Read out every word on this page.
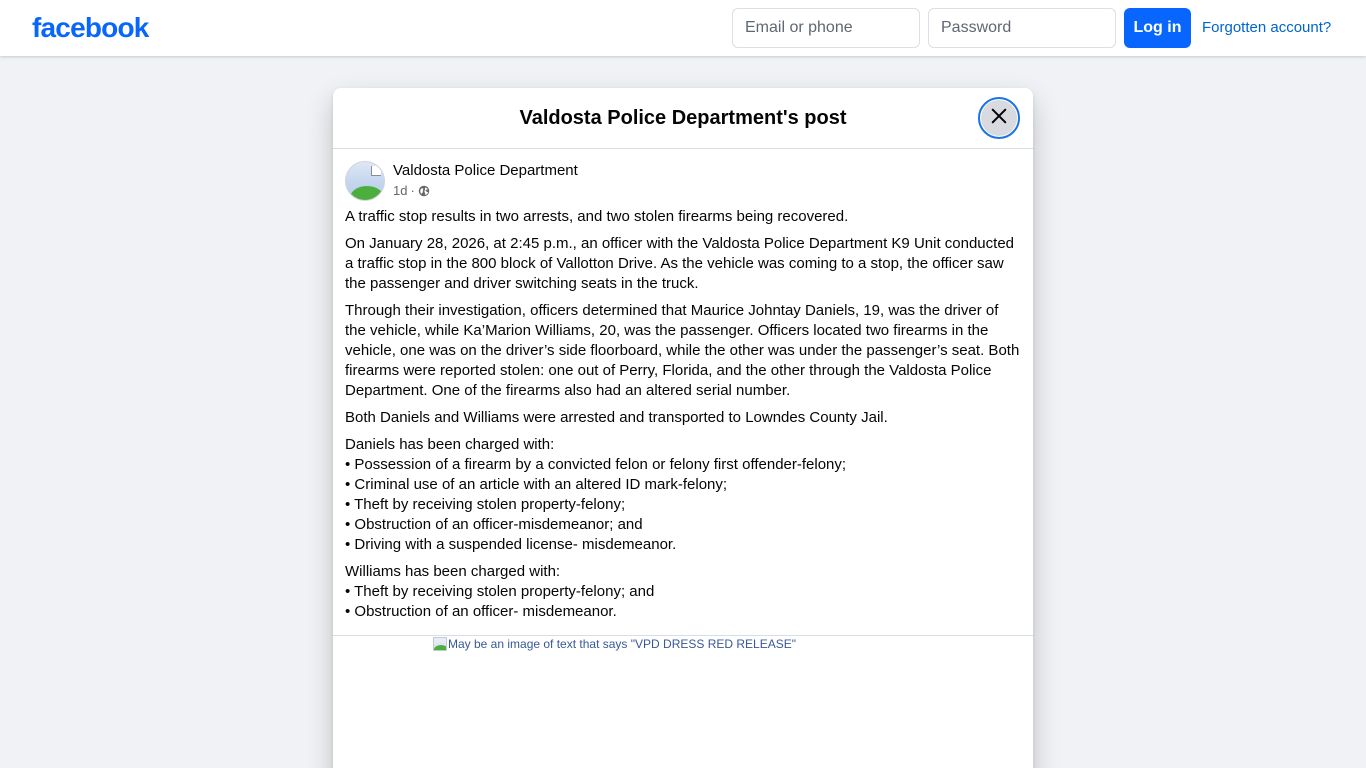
facebook
Email or phone	Log in	Forgotten account?
Valdosta Police Department's post
Valdosta Police Department
1d ·

A traffic stop results in two arrests, and two stolen firearms being recovered.

On January 28, 2026, at 2:45 p.m., an officer with the Valdosta Police Department K9 Unit conducted a traffic stop in the 800 block of Vallotton Drive. As the vehicle was coming to a stop, the officer saw the passenger and driver switching seats in the truck.

Through their investigation, officers determined that Maurice Johntay Daniels, 19, was the driver of the vehicle, while Ka’Marion Williams, 20, was the passenger. Officers located two firearms in the vehicle, one was on the driver’s side floorboard, while the other was under the passenger’s seat. Both firearms were reported stolen: one out of Perry, Florida, and the other through the Valdosta Police Department. One of the firearms also had an altered serial number.

Both Daniels and Williams were arrested and transported to Lowndes County Jail.

Daniels has been charged with:
• Possession of a firearm by a convicted felon or felony first offender-felony;
• Criminal use of an article with an altered ID mark-felony;
• Theft by receiving stolen property-felony;
• Obstruction of an officer-misdemeanor; and
• Driving with a suspended license- misdemeanor.

Williams has been charged with:
• Theft by receiving stolen property-felony; and
• Obstruction of an officer- misdemeanor.

May be an image of text that says "VPD DRESS RED RELEASE"
